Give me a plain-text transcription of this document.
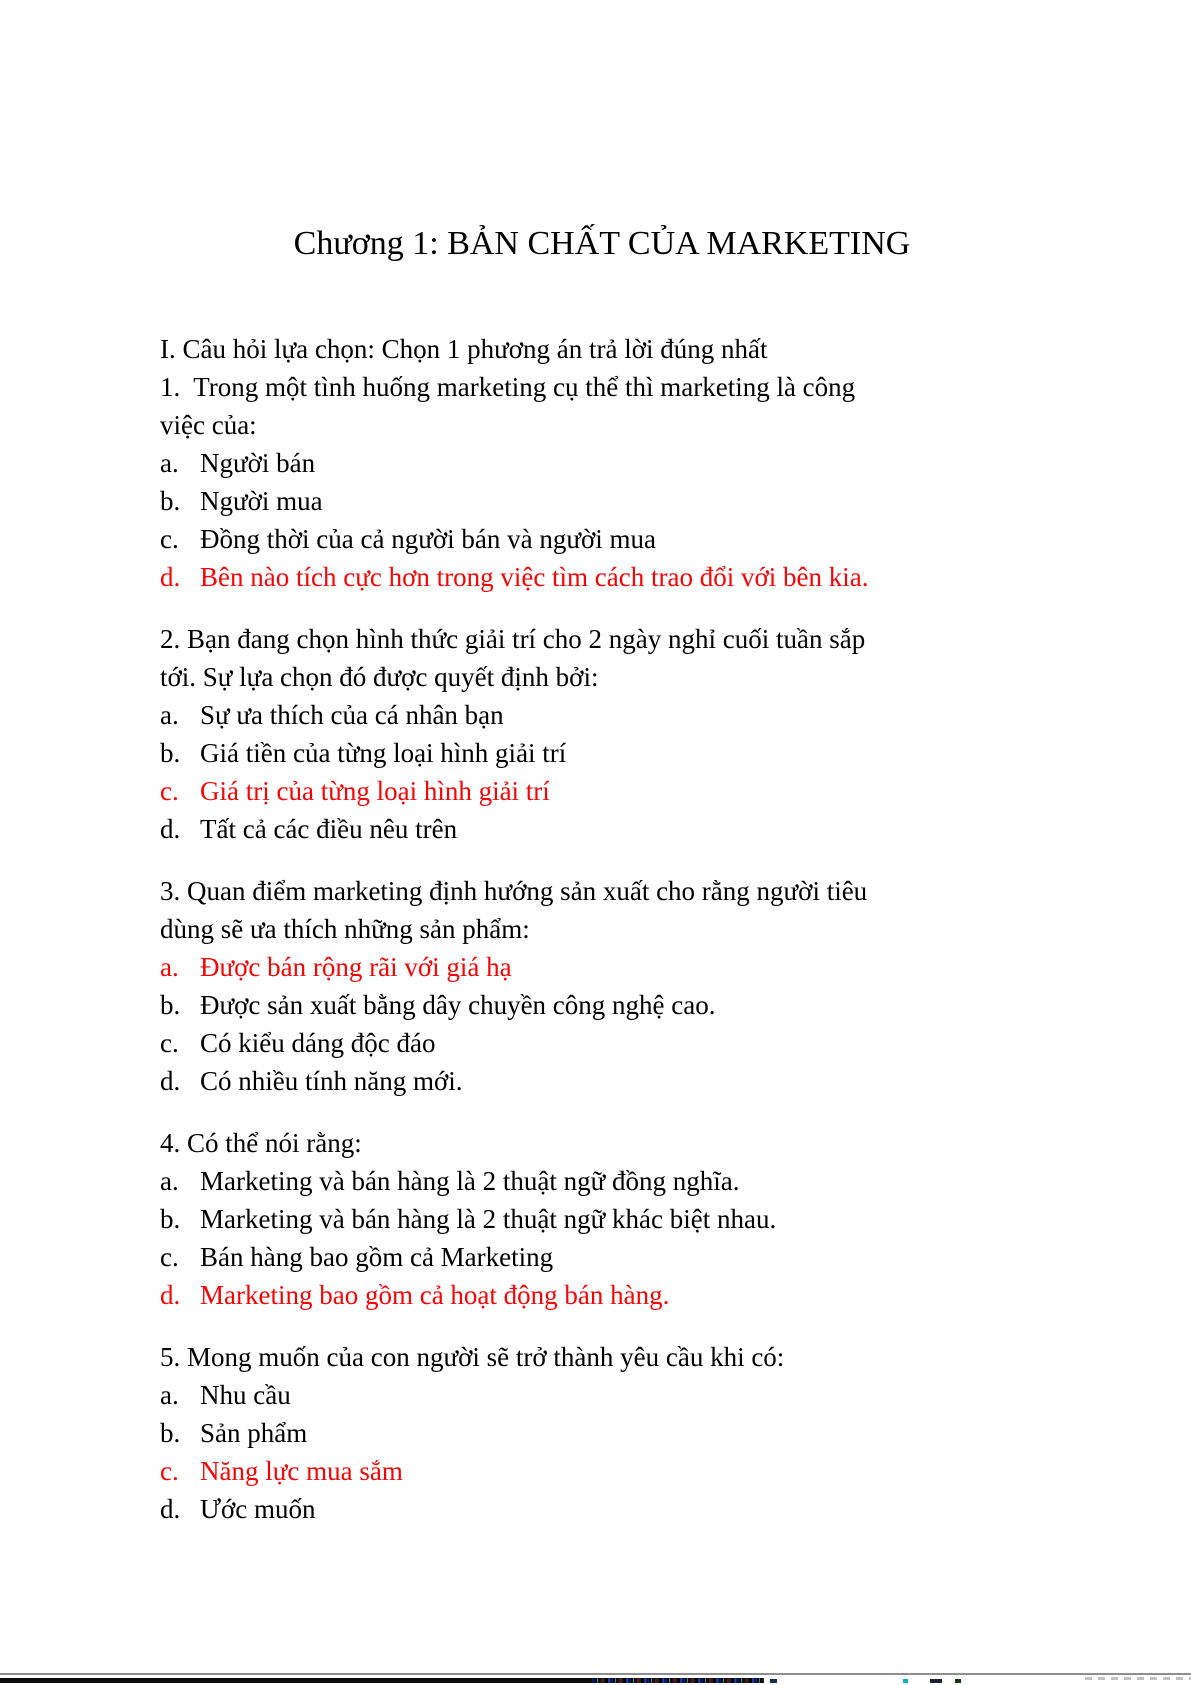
Chương 1: BẢN CHẤT CỦA MARKETING
I. Câu hỏi lựa chọn: Chọn 1 phương án trả lời đúng nhất
1.  Trong một tình huống marketing cụ thể thì marketing là công
việc của:
a. Người bán
b. Người mua
c. Đồng thời của cả người bán và người mua
d. Bên nào tích cực hơn trong việc tìm cách trao đổi với bên kia.
2. Bạn đang chọn hình thức giải trí cho 2 ngày nghỉ cuối tuần sắp
tới. Sự lựa chọn đó được quyết định bởi:
a. Sự ưa thích của cá nhân bạn
b. Giá tiền của từng loại hình giải trí
c. Giá trị của từng loại hình giải trí
d. Tất cả các điều nêu trên
3. Quan điểm marketing định hướng sản xuất cho rằng người tiêu
dùng sẽ ưa thích những sản phẩm:
a. Được bán rộng rãi với giá hạ
b. Được sản xuất bằng dây chuyền công nghệ cao.
c. Có kiểu dáng độc đáo
d. Có nhiều tính năng mới.
4. Có thể nói rằng:
a. Marketing và bán hàng là 2 thuật ngữ đồng nghĩa.
b. Marketing và bán hàng là 2 thuật ngữ khác biệt nhau.
c. Bán hàng bao gồm cả Marketing
d. Marketing bao gồm cả hoạt động bán hàng.
5. Mong muốn của con người sẽ trở thành yêu cầu khi có:
a. Nhu cầu
b. Sản phẩm
c. Năng lực mua sắm
d. Ước muốn
